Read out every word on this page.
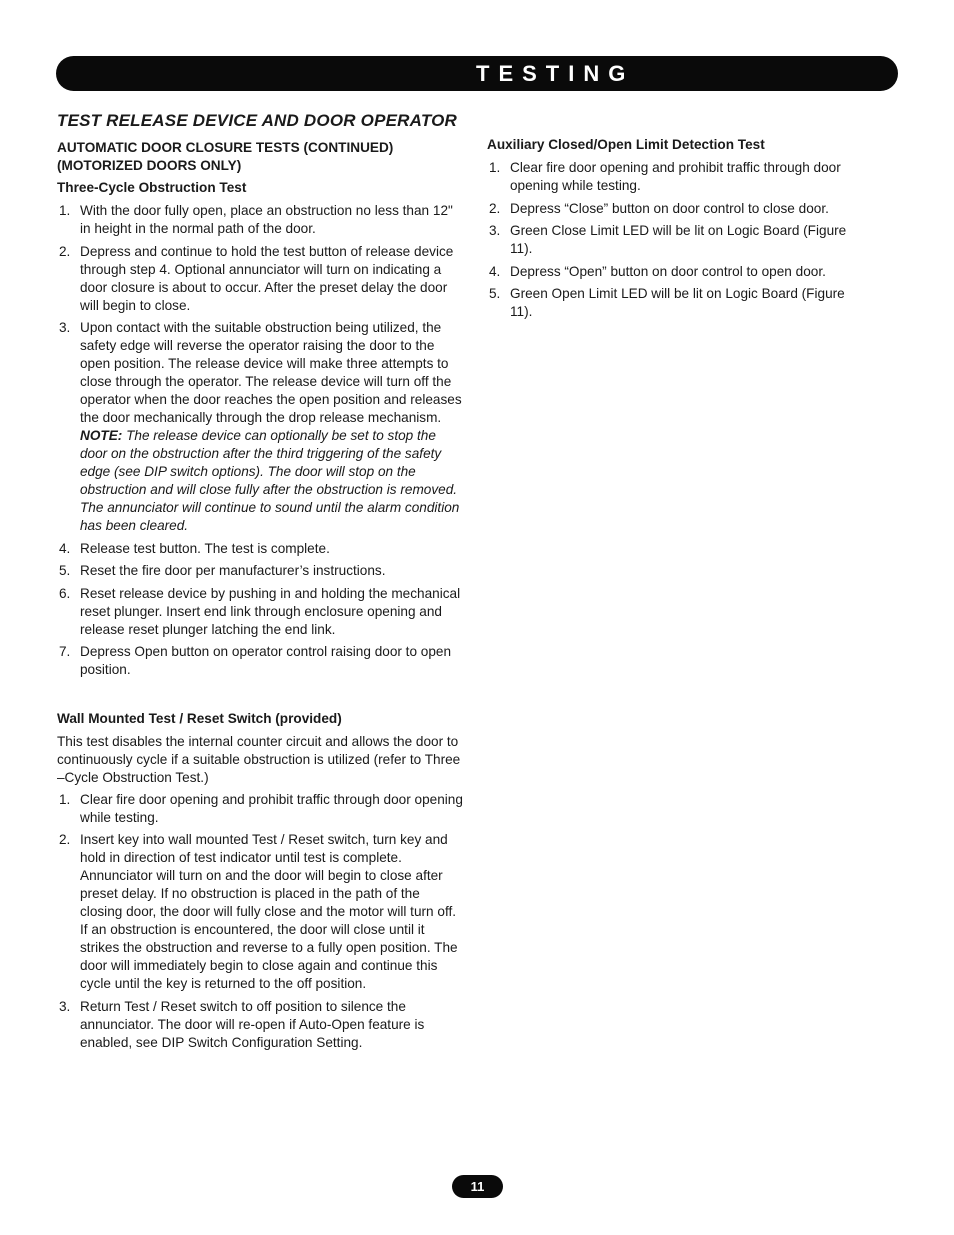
TESTING
TEST RELEASE DEVICE AND DOOR OPERATOR
AUTOMATIC DOOR CLOSURE TESTS (CONTINUED)
(MOTORIZED DOORS ONLY)
Three-Cycle Obstruction Test
1. With the door fully open, place an obstruction no less than 12" in height in the normal path of the door.
2. Depress and continue to hold the test button of release device through step 4. Optional annunciator will turn on indicating a door closure is about to occur. After the preset delay the door will begin to close.
3. Upon contact with the suitable obstruction being utilized, the safety edge will reverse the operator raising the door to the open position. The release device will make three attempts to close through the operator. The release device will turn off the operator when the door reaches the open position and releases the door mechanically through the drop release mechanism. NOTE: The release device can optionally be set to stop the door on the obstruction after the third triggering of the safety edge (see DIP switch options). The door will stop on the obstruction and will close fully after the obstruction is removed. The annunciator will continue to sound until the alarm condition has been cleared.
4. Release test button. The test is complete.
5. Reset the fire door per manufacturer’s instructions.
6. Reset release device by pushing in and holding the mechanical reset plunger. Insert end link through enclosure opening and release reset plunger latching the end link.
7. Depress Open button on operator control raising door to open position.
Wall Mounted Test / Reset Switch (provided)
This test disables the internal counter circuit and allows the door to continuously cycle if a suitable obstruction is utilized (refer to Three –Cycle Obstruction Test.)
1. Clear fire door opening and prohibit traffic through door opening while testing.
2. Insert key into wall mounted Test / Reset switch, turn key and hold in direction of test indicator until test is complete. Annunciator will turn on and the door will begin to close after preset delay. If no obstruction is placed in the path of the closing door, the door will fully close and the motor will turn off. If an obstruction is encountered, the door will close until it strikes the obstruction and reverse to a fully open position. The door will immediately begin to close again and continue this cycle until the key is returned to the off position.
3. Return Test / Reset switch to off position to silence the annunciator. The door will re-open if Auto-Open feature is enabled, see DIP Switch Configuration Setting.
Auxiliary Closed/Open Limit Detection Test
1. Clear fire door opening and prohibit traffic through door opening while testing.
2. Depress “Close” button on door control to close door.
3. Green Close Limit LED will be lit on Logic Board (Figure 11).
4. Depress “Open” button on door control to open door.
5. Green Open Limit LED will be lit on Logic Board (Figure 11).
11
